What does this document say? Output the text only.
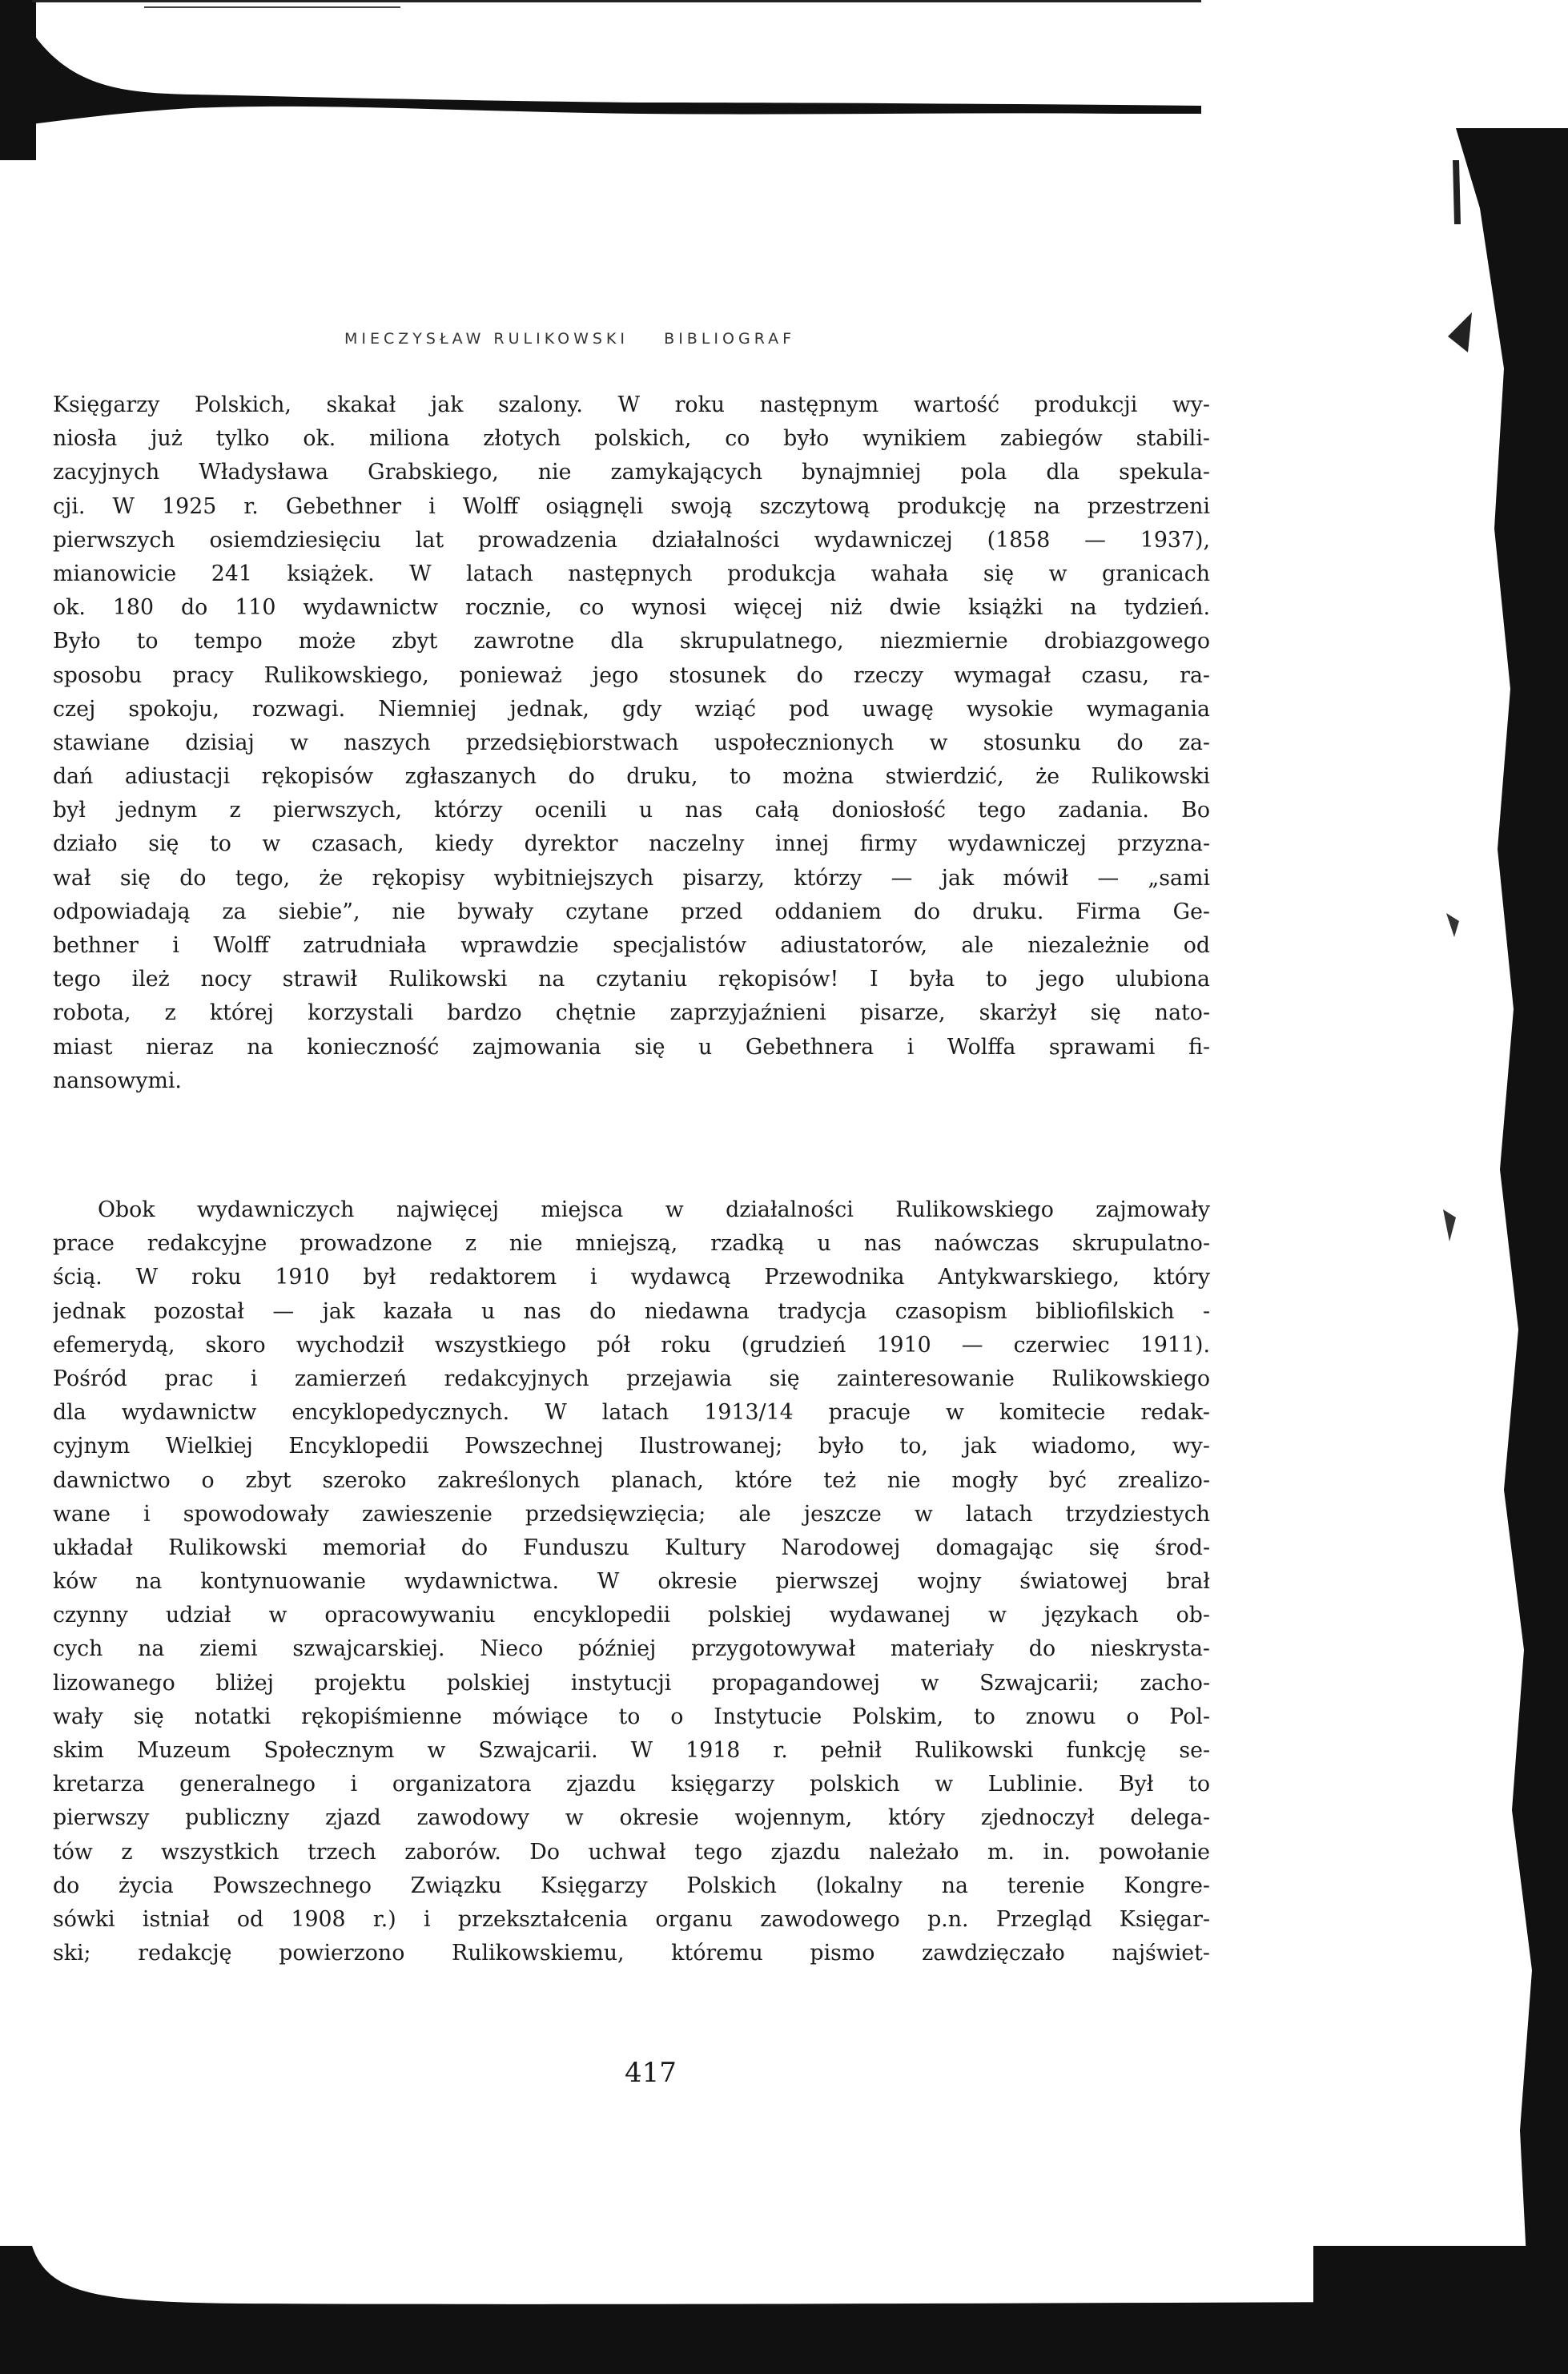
MIECZYSŁAW RULIKOWSKI    BIBLIOGRAF
Księgarzy Polskich, skakał jak szalony. W roku następnym wartość produkcji wy-
niosła już tylko ok. miliona złotych polskich, co było wynikiem zabiegów stabili-
zacyjnych Władysława Grabskiego, nie zamykających bynajmniej pola dla spekula-
cji. W 1925 r. Gebethner i Wolff osiągnęli swoją szczytową produkcję na przestrzeni
pierwszych osiemdziesięciu lat prowadzenia działalności wydawniczej (1858 — 1937),
mianowicie 241 książek. W latach następnych produkcja wahała się w granicach
ok. 180 do 110 wydawnictw rocznie, co wynosi więcej niż dwie książki na tydzień.
Było to tempo może zbyt zawrotne dla skrupulatnego, niezmiernie drobiazgowego
sposobu pracy Rulikowskiego, ponieważ jego stosunek do rzeczy wymagał czasu, ra-
czej spokoju, rozwagi. Niemniej jednak, gdy wziąć pod uwagę wysokie wymagania
stawiane dzisiaj w naszych przedsiębiorstwach uspołecznionych w stosunku do za-
dań adiustacji rękopisów zgłaszanych do druku, to można stwierdzić, że Rulikowski
był jednym z pierwszych, którzy ocenili u nas całą doniosłość tego zadania. Bo
działo się to w czasach, kiedy dyrektor naczelny innej firmy wydawniczej przyzna-
wał się do tego, że rękopisy wybitniejszych pisarzy, którzy — jak mówił — „sami
odpowiadają za siebie”, nie bywały czytane przed oddaniem do druku. Firma Ge-
bethner i Wolff zatrudniała wprawdzie specjalistów adiustatorów, ale niezależnie od
tego ileż nocy strawił Rulikowski na czytaniu rękopisów! I była to jego ulubiona
robota, z której korzystali bardzo chętnie zaprzyjaźnieni pisarze, skarżył się nato-
miast nieraz na konieczność zajmowania się u Gebethnera i Wolffa sprawami fi-
nansowymi.
Obok wydawniczych najwięcej miejsca w działalności Rulikowskiego zajmowały
prace redakcyjne prowadzone z nie mniejszą, rzadką u nas naówczas skrupulatno-
ścią. W roku 1910 był redaktorem i wydawcą Przewodnika Antykwarskiego, który
jednak pozostał — jak kazała u nas do niedawna tradycja czasopism bibliofilskich -
efemerydą, skoro wychodził wszystkiego pół roku (grudzień 1910 — czerwiec 1911).
Pośród prac i zamierzeń redakcyjnych przejawia się zainteresowanie Rulikowskiego
dla wydawnictw encyklopedycznych. W latach 1913/14 pracuje w komitecie redak-
cyjnym Wielkiej Encyklopedii Powszechnej Ilustrowanej; było to, jak wiadomo, wy-
dawnictwo o zbyt szeroko zakreślonych planach, które też nie mogły być zrealizo-
wane i spowodowały zawieszenie przedsięwzięcia; ale jeszcze w latach trzydziestych
układał Rulikowski memoriał do Funduszu Kultury Narodowej domagając się środ-
ków na kontynuowanie wydawnictwa. W okresie pierwszej wojny światowej brał
czynny udział w opracowywaniu encyklopedii polskiej wydawanej w językach ob-
cych na ziemi szwajcarskiej. Nieco później przygotowywał materiały do nieskrysta-
lizowanego bliżej projektu polskiej instytucji propagandowej w Szwajcarii; zacho-
wały się notatki rękopiśmienne mówiące to o Instytucie Polskim, to znowu o Pol-
skim Muzeum Społecznym w Szwajcarii. W 1918 r. pełnił Rulikowski funkcję se-
kretarza generalnego i organizatora zjazdu księgarzy polskich w Lublinie. Był to
pierwszy publiczny zjazd zawodowy w okresie wojennym, który zjednoczył delega-
tów z wszystkich trzech zaborów. Do uchwał tego zjazdu należało m. in. powołanie
do życia Powszechnego Związku Księgarzy Polskich (lokalny na terenie Kongre-
sówki istniał od 1908 r.) i przekształcenia organu zawodowego p.n. Przegląd Księgar-
ski; redakcję powierzono Rulikowskiemu, któremu pismo zawdzięczało najświet-
417
